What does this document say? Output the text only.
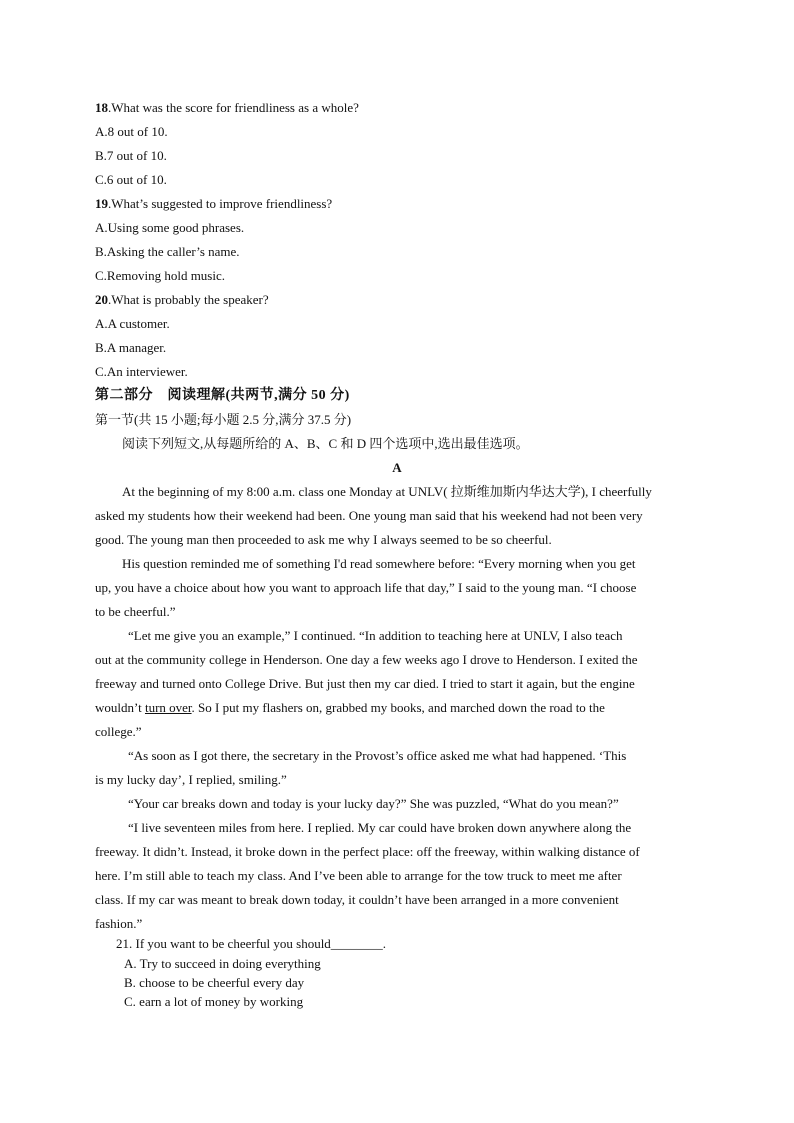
18.What was the score for friendliness as a whole?
A.8 out of 10.
B.7 out of 10.
C.6 out of 10.
19.What’s suggested to improve friendliness?
A.Using some good phrases.
B.Asking the caller’s name.
C.Removing hold music.
20.What is probably the speaker?
A.A customer.
B.A manager.
C.An interviewer.
第二部分　阅读理解(共两节,满分 50 分)
第一节(共 15 小题;每小题 2.5 分,满分 37.5 分)
阅读下列短文,从每题所给的 A、B、C 和 D 四个选项中,选出最佳选项。
A
At the beginning of my 8:00 a.m. class one Monday at UNLV( 拉斯维加斯内华达大学), I cheerfully
asked my students how their weekend had been. One young man said that his weekend had not been very
good. The young man then proceeded to ask me why I always seemed to be so cheerful.
His question reminded me of something I'd read somewhere before: “Every morning when you get
up, you have a choice about how you want to approach life that day,” I said to the young man. “I choose
to be cheerful.”
“Let me give you an example,” I continued. “In addition to teaching here at UNLV, I also teach
out at the community college in Henderson. One day a few weeks ago I drove to Henderson. I exited the
freeway and turned onto College Drive. But just then my car died. I tried to start it again, but the engine
wouldn’t turn over. So I put my flashers on, grabbed my books, and marched down the road to the
college.”
“As soon as I got there, the secretary in the Provost’s office asked me what had happened. ‘This
is my lucky day’, I replied, smiling.”
“Your car breaks down and today is your lucky day?” She was puzzled, “What do you mean?”
“I live seventeen miles from here. I replied. My car could have broken down anywhere along the
freeway. It didn’t. Instead, it broke down in the perfect place: off the freeway, within walking distance of
here. I’m still able to teach my class. And I’ve been able to arrange for the tow truck to meet me after
class. If my car was meant to break down today, it couldn’t have been arranged in a more convenient
fashion.”
21. If you want to be cheerful you should________.
A. Try to succeed in doing everything
B. choose to be cheerful every day
C. earn a lot of money by working
